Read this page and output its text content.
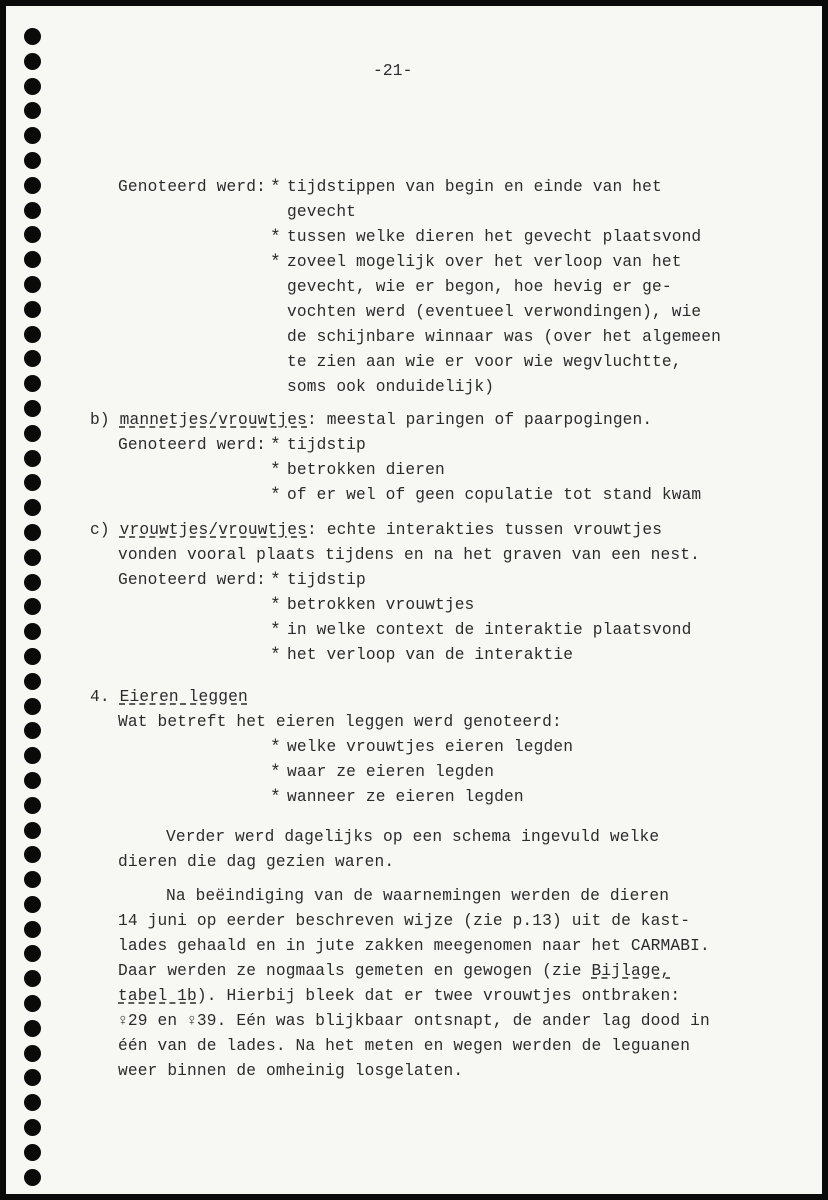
-21-
Genoteerd werd: * tijdstippen van begin en einde van het
gevecht
* tussen welke dieren het gevecht plaatsvond
* zoveel mogelijk over het verloop van het
gevecht, wie er begon, hoe hevig er ge-
vochten werd (eventueel verwondingen), wie
de schijnbare winnaar was (over het algemeen
te zien aan wie er voor wie wegvluchtte,
soms ook onduidelijk)
b) mannetjes/vrouwtjes: meestal paringen of paarpogingen.
Genoteerd werd: * tijdstip
* betrokken dieren
* of er wel of geen copulatie tot stand kwam
c) vrouwtjes/vrouwtjes: echte interakties tussen vrouwtjes
vonden vooral plaats tijdens en na het graven van een nest.
Genoteerd werd: * tijdstip
* betrokken vrouwtjes
* in welke context de interaktie plaatsvond
* het verloop van de interaktie
4. Eieren leggen
Wat betreft het eieren leggen werd genoteerd:
* welke vrouwtjes eieren legden
* waar ze eieren legden
* wanneer ze eieren legden
Verder werd dagelijks op een schema ingevuld welke
dieren die dag gezien waren.
Na beëindiging van de waarnemingen werden de dieren
14 juni op eerder beschreven wijze (zie p.13) uit de kast-
lades gehaald en in jute zakken meegenomen naar het CARMABI.
Daar werden ze nogmaals gemeten en gewogen (zie Bijlage,
tabel 1b). Hierbij bleek dat er twee vrouwtjes ontbraken:
♀29 en ♀39. Eén was blijkbaar ontsnapt, de ander lag dood in
één van de lades. Na het meten en wegen werden de leguanen
weer binnen de omheinig losgelaten.
